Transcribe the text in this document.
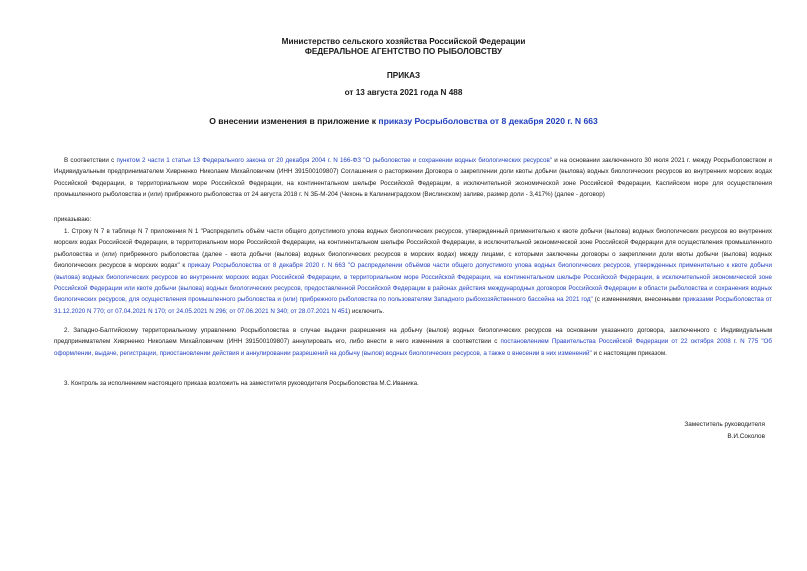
Министерство сельского хозяйства Российской Федерации
ФЕДЕРАЛЬНОЕ АГЕНТСТВО ПО РЫБОЛОВСТВУ
ПРИКАЗ
от 13 августа 2021 года N 488
О внесении изменения в приложение к приказу Росрыболовства от 8 декабря 2020 г. N 663
В соответствии с пунктом 2 части 1 статьи 13 Федерального закона от 20 декабря 2004 г. N 166-ФЗ "О рыболовстве и сохранении водных биологических ресурсов" и на основании заключенного 30 июля 2021 г. между Росрыболовством и Индивидуальным предпринимателем Хиврненко Николаем Михайловичем (ИНН 391500109807) Соглашения о расторжении Договора о закреплении доли квоты добычи (вылова) водных биологических ресурсов во внутренних морских водах Российской Федерации, в территориальном море Российской Федерации, на континентальном шельфе Российской Федерации, в исключительной экономической зоне Российской Федерации, Каспийском море для осуществления промышленного рыболовства и (или) прибрежного рыболовства от 24 августа 2018 г. N ЗБ-М-204 (Чехонь в Калининградском (Вислинском) заливе, размер доли - 3,417%) (далее - договор)
приказываю:
1. Строку N 7 в таблице N 7 приложения N 1 "Распределить объём части общего допустимого улова водных биологических ресурсов, утвержденный применительно к квоте добычи (вылова) водных биологических ресурсов во внутренних морских водах Российской Федерации, в территориальном море Российской Федерации, на континентальном шельфе Российской Федерации, в исключительной экономической зоне Российской Федерации для осуществления промышленного рыболовства и (или) прибрежного рыболовства (далее - квота добычи (вылова) водных биологических ресурсов в морских водах) между лицами, с которыми заключены договоры о закреплении доли квоты добычи (вылова) водных биологических ресурсов в морских водах" к приказу Росрыболовства от 8 декабря 2020 г. N 663 "О распределении объёмов части общего допустимого улова водных биологических ресурсов, утвержденных применительно к квоте добычи (вылова) водных биологических ресурсов во внутренних морских водах Российской Федерации, в территориальном море Российской Федерации, на континентальном шельфе Российской Федерации, в исключительной экономической зоне Российской Федерации или квоте добычи (вылова) водных биологических ресурсов, предоставленной Российской Федерации в районах действия международных договоров Российской Федерации в области рыболовства и сохранения водных биологических ресурсов, для осуществления промышленного рыболовства и (или) прибрежного рыболовства по пользователям Западного рыбохозяйственного бассейна на 2021 год" (с изменениями, внесенными приказами Росрыболовства от 31.12.2020 N 770; от 07.04.2021 N 170; от 24.05.2021 N 296; от 07.06.2021 N 340; от 28.07.2021 N 451) исключить.
2. Западно-Балтийскому территориальному управлению Росрыболовства в случае выдачи разрешения на добычу (вылов) водных биологических ресурсов на основании указанного договора, заключенного с Индивидуальным предпринимателем Хиврненко Николаем Михайловичем (ИНН 391500109807) аннулировать его, либо внести в него изменения в соответствии с постановлением Правительства Российской Федерации от 22 октября 2008 г. N 775 "Об оформлении, выдаче, регистрации, приостановлении действия и аннулировании разрешений на добычу (вылов) водных биологических ресурсов, а также о внесении в них изменений" и с настоящим приказом.
3. Контроль за исполнением настоящего приказа возложить на заместителя руководителя Росрыболовства М.С.Иваника.
Заместитель руководителя
В.И.Соколов
